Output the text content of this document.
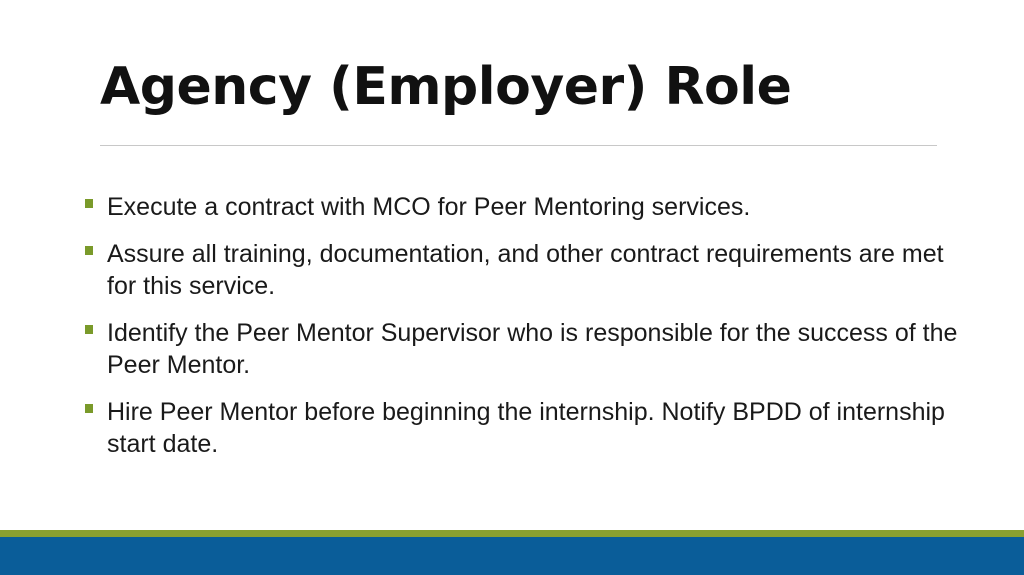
Agency (Employer) Role
Execute a contract with MCO for Peer Mentoring services.
Assure all training, documentation, and other contract requirements are met for this service.
Identify the Peer Mentor Supervisor who is responsible for the success of the Peer Mentor.
Hire Peer Mentor before beginning the internship. Notify BPDD of internship start date.
